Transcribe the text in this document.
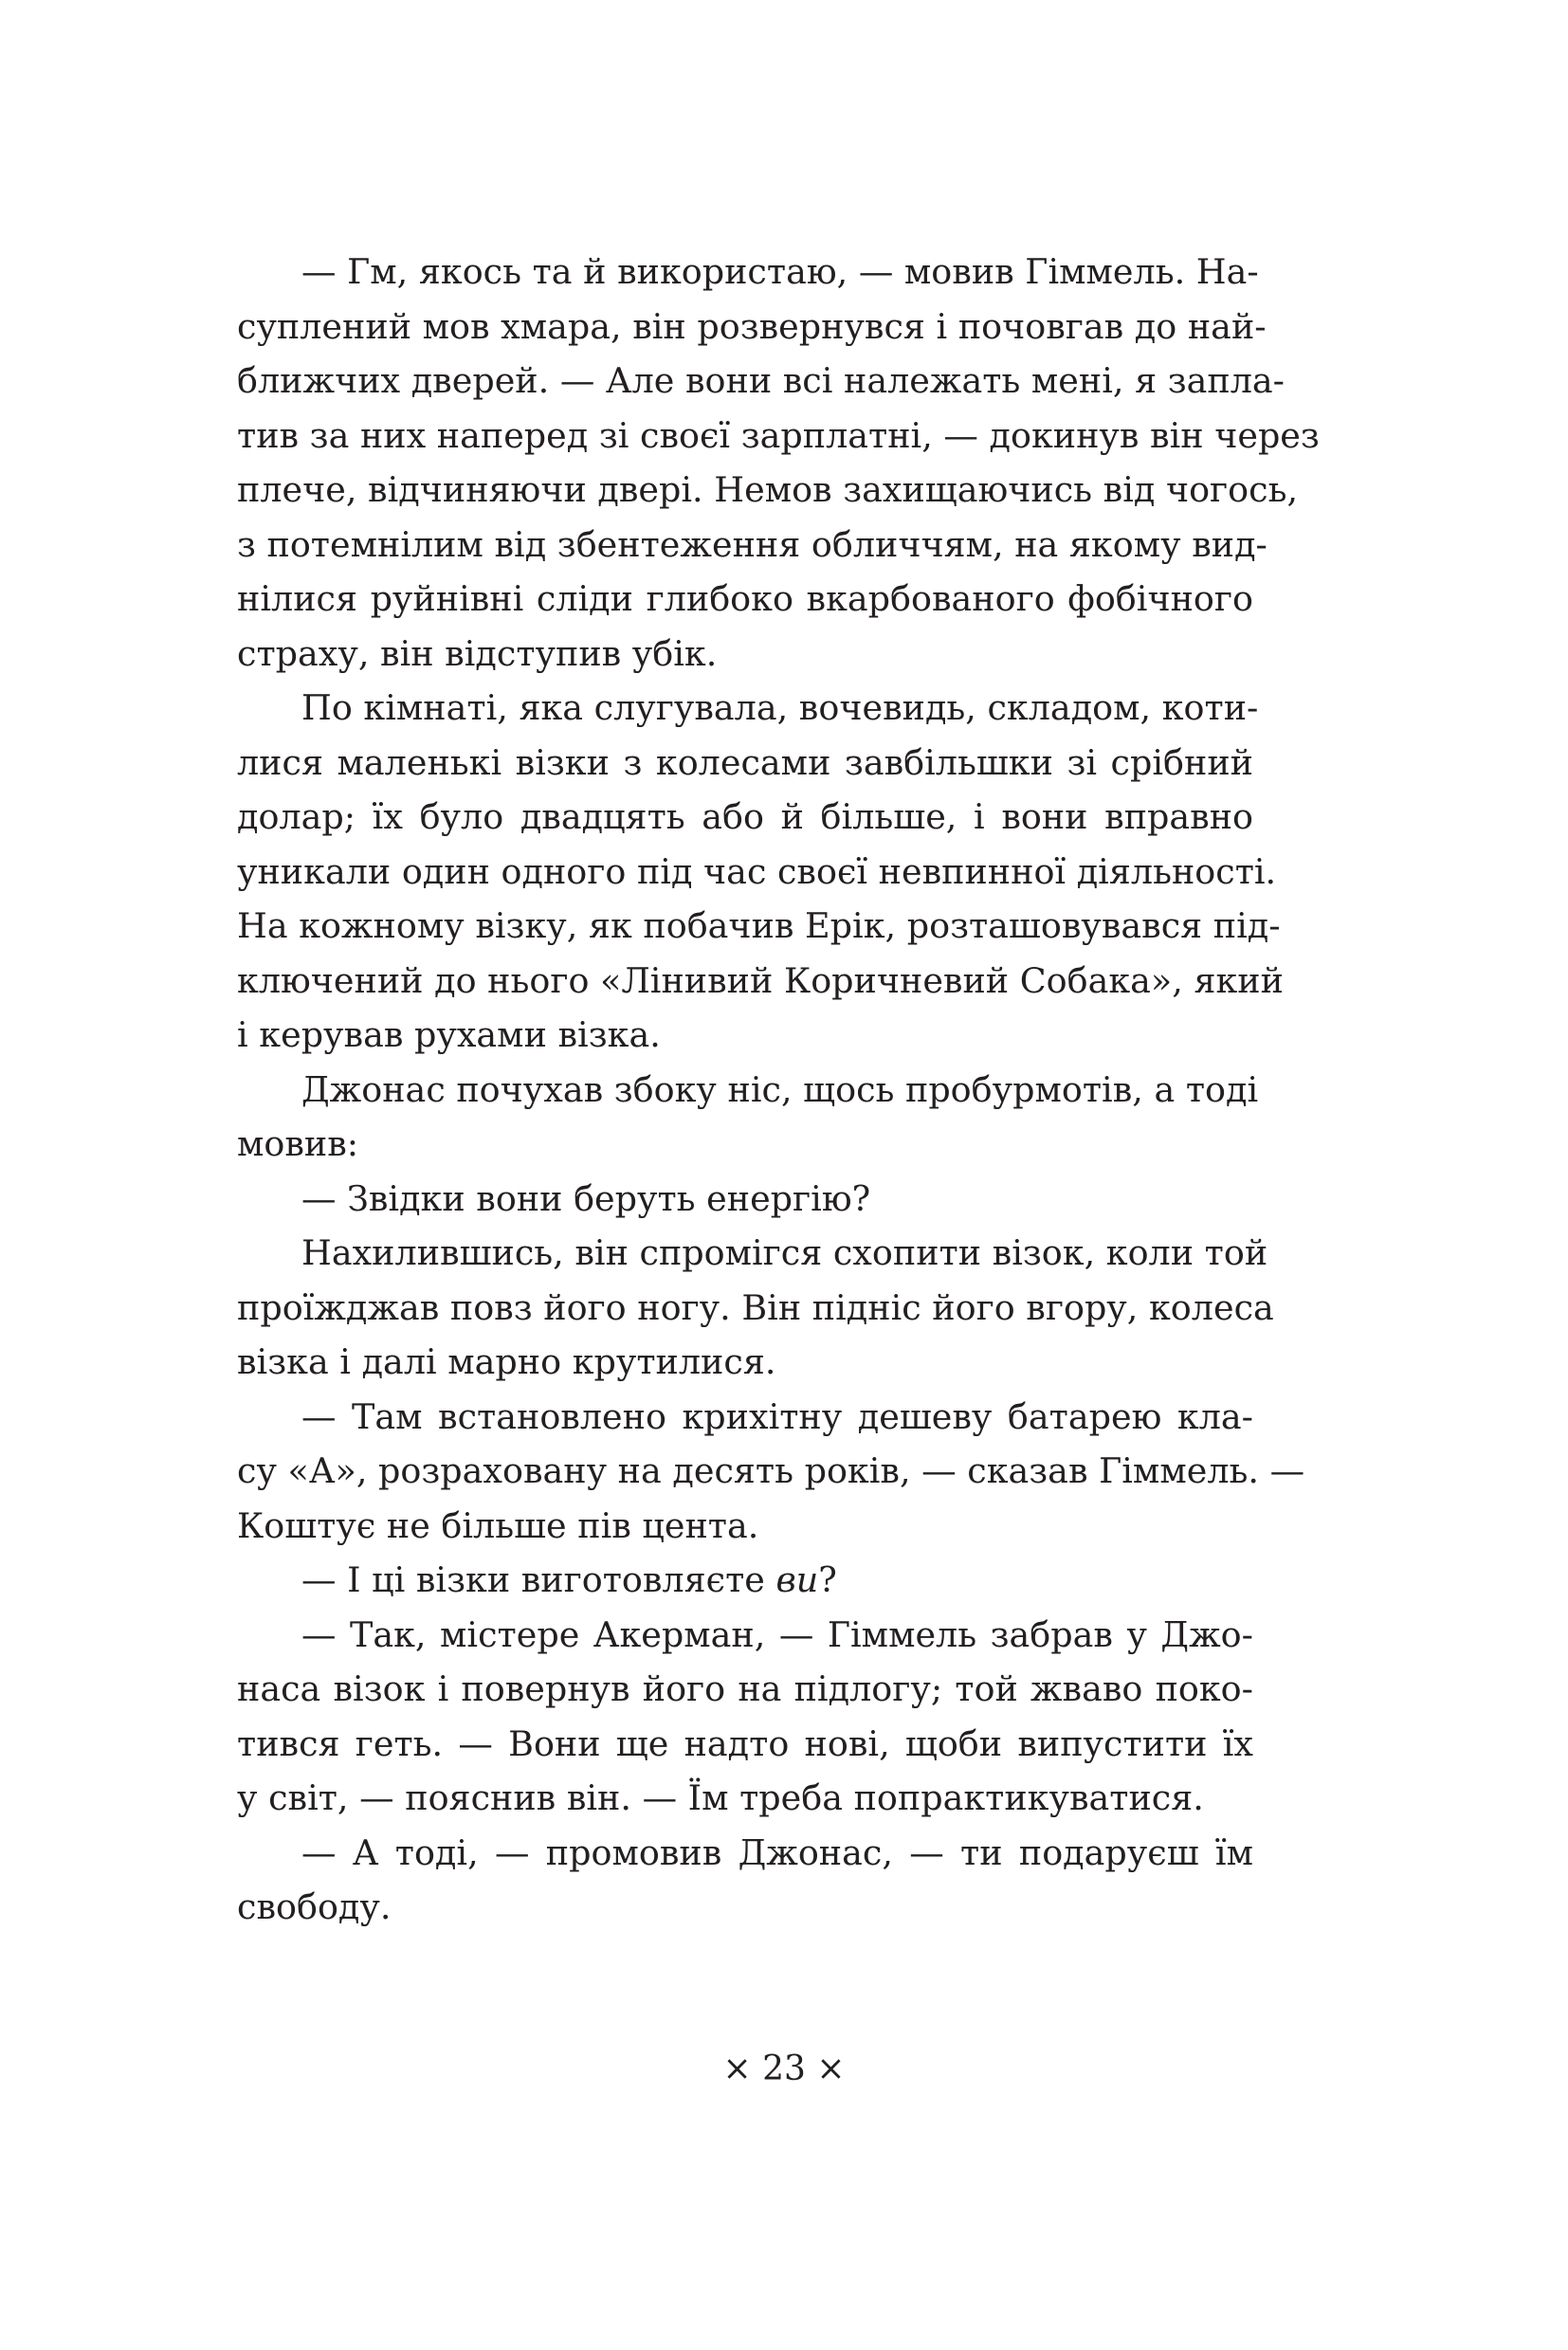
— Гм, якось та й використаю, — мовив Гіммель. На-
суплений мов хмара, він розвернувся і почовгав до най-
ближчих дверей. — Але вони всі належать мені, я запла-
тив за них наперед зі своєї зарплатні, — докинув він через
плече, відчиняючи двері. Немов захищаючись від чогось,
з потемнілим від збентеження обличчям, на якому вид-
нілися руйнівні сліди глибоко вкарбованого фобічного
страху, він відступив убік.
По кімнаті, яка слугувала, вочевидь, складом, коти-
лися маленькі візки з колесами завбільшки зі срібний
долар; їх було двадцять або й більше, і вони вправно
уникали один одного під час своєї невпинної діяльності.
На кожному візку, як побачив Ерік, розташовувався під-
ключений до нього «Лінивий Коричневий Собака», який
і керував рухами візка.
Джонас почухав збоку ніс, щось пробурмотів, а тоді
мовив:
— Звідки вони беруть енергію?
Нахилившись, він спромігся схопити візок, коли той
проїжджав повз його ногу. Він підніс його вгору, колеса
візка і далі марно крутилися.
— Там встановлено крихітну дешеву батарею кла-
су «А», розраховану на десять років, — сказав Гіммель. —
Коштує не більше пів цента.
— І ці візки виготовляєте ви?
— Так, містере Акерман, — Гіммель забрав у Джо-
наса візок і повернув його на підлогу; той жваво поко-
тився геть. — Вони ще надто нові, щоби випустити їх
у світ, — пояснив він. — Їм треба попрактикуватися.
— А тоді, — промовив Джонас, — ти подаруєш їм
свободу.
× 23 ×
